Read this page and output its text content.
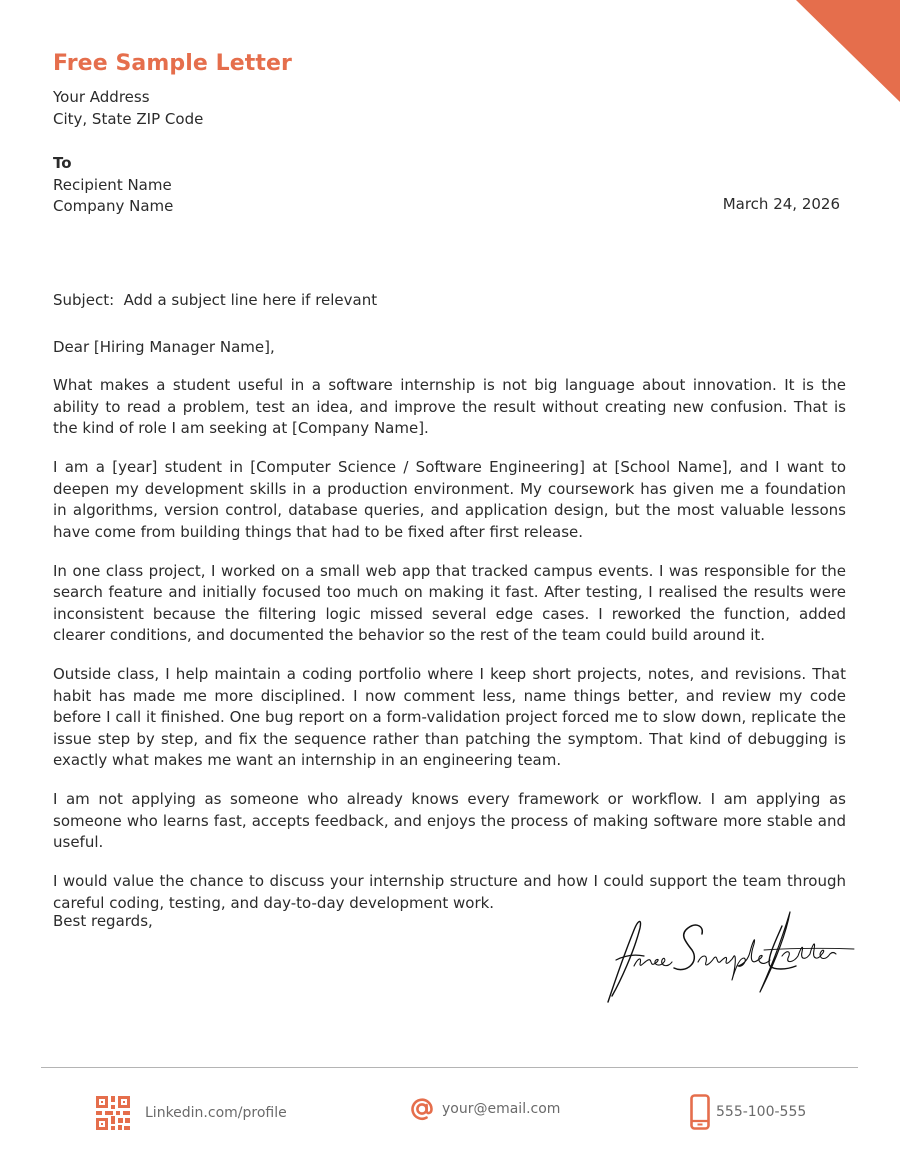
Free Sample Letter
Your Address
City, State ZIP Code
To
Recipient Name
Company Name	March 24, 2026
Subject:  Add a subject line here if relevant
Dear [Hiring Manager Name],

What makes a student useful in a software internship is not big language about innovation. It is the ability to read a problem, test an idea, and improve the result without creating new confusion. That is the kind of role I am seeking at [Company Name].

I am a [year] student in [Computer Science / Software Engineering] at [School Name], and I want to deepen my development skills in a production environment. My coursework has given me a foundation in algorithms, version control, database queries, and application design, but the most valuable lessons have come from building things that had to be fixed after first release.

In one class project, I worked on a small web app that tracked campus events. I was responsible for the search feature and initially focused too much on making it fast. After testing, I realised the results were inconsistent because the filtering logic missed several edge cases. I reworked the function, added clearer conditions, and documented the behavior so the rest of the team could build around it.

Outside class, I help maintain a coding portfolio where I keep short projects, notes, and revisions. That habit has made me more disciplined. I now comment less, name things better, and review my code before I call it finished. One bug report on a form-validation project forced me to slow down, replicate the issue step by step, and fix the sequence rather than patching the symptom. That kind of debugging is exactly what makes me want an internship in an engineering team.

I am not applying as someone who already knows every framework or workflow. I am applying as someone who learns fast, accepts feedback, and enjoys the process of making software more stable and useful.

I would value the chance to discuss your internship structure and how I could support the team through careful coding, testing, and day-to-day development work.

Best regards,
Linkedin.com/profile	your@email.com	555-100-555
